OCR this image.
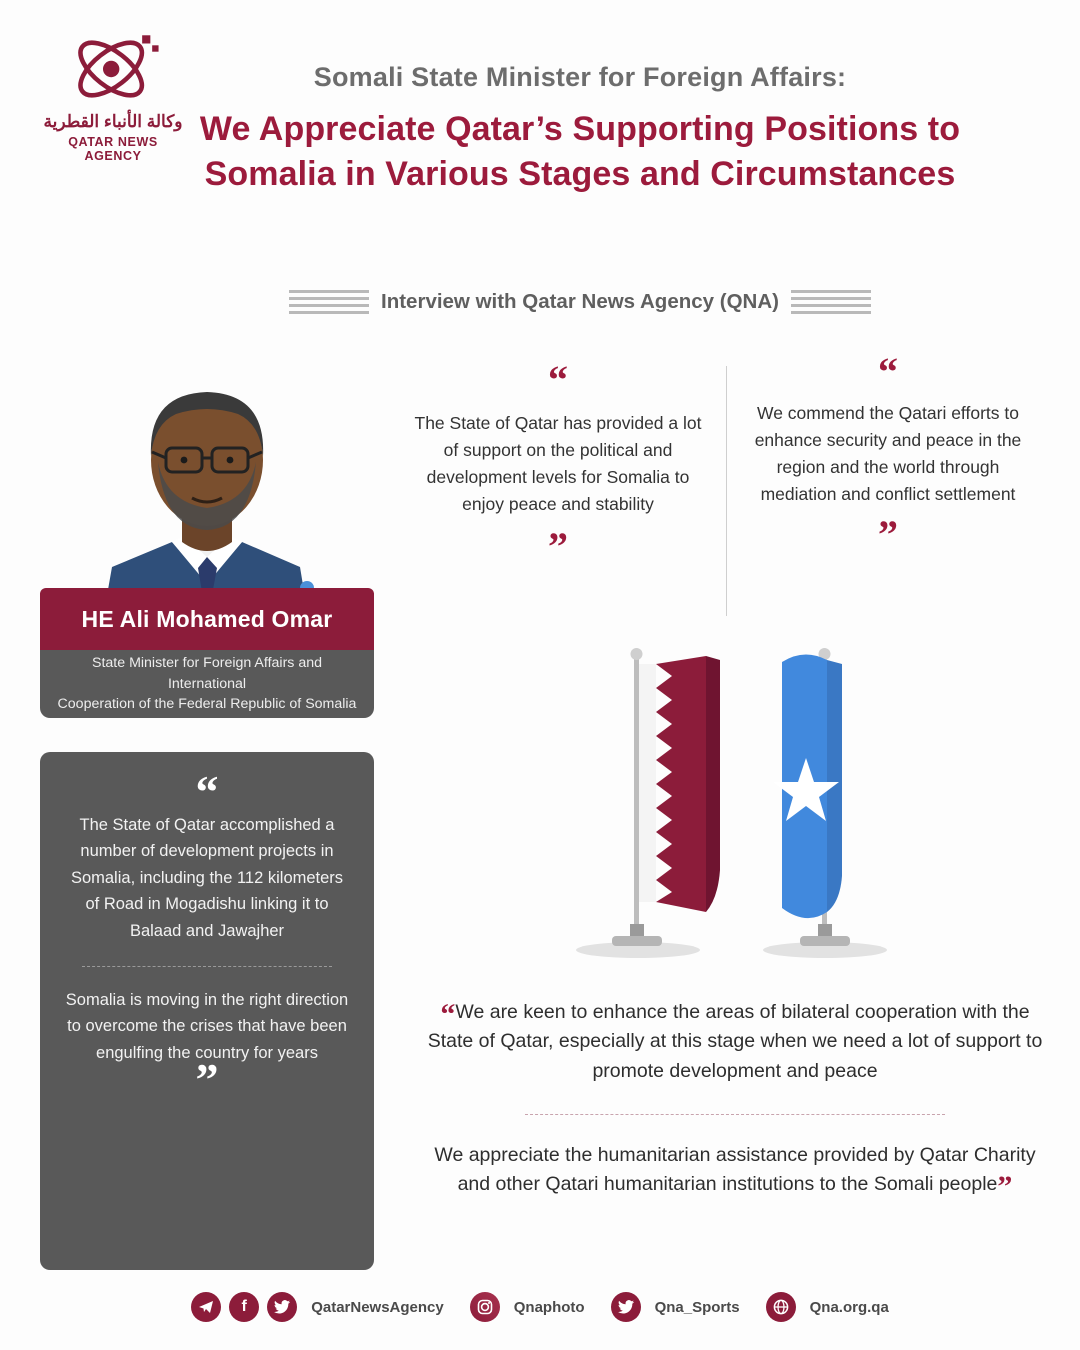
وكالة الأنباء القطرية
QATAR NEWS AGENCY
Somali State Minister for Foreign Affairs:
We Appreciate Qatar’s Supporting Positions to Somalia in Various Stages and Circumstances
Interview with Qatar News Agency (QNA)
HE Ali Mohamed Omar
State Minister for Foreign Affairs and International
Cooperation of the Federal Republic of Somalia
“

The State of Qatar accomplished a number of development projects in Somalia, including the 112 kilometers of Road in Mogadishu linking it to Balaad and Jawajher

Somalia is moving in the right direction to overcome the crises that have been engulfing the country for years

”
“

The State of Qatar has provided a lot of support on the political and development levels for Somalia to enjoy peace and stability

”
“

We commend the Qatari efforts to enhance security and peace in the region and the world through mediation and conflict settlement

”

“We are keen to enhance the areas of bilateral cooperation with the State of Qatar, especially at this stage when we need a lot of support to promote development and peace

We appreciate the humanitarian assistance provided by Qatar Charity and other Qatari humanitarian institutions to the Somali people”

f	QatarNewsAgency	Qnaphoto	Qna_Sports	Qna.org.qa
